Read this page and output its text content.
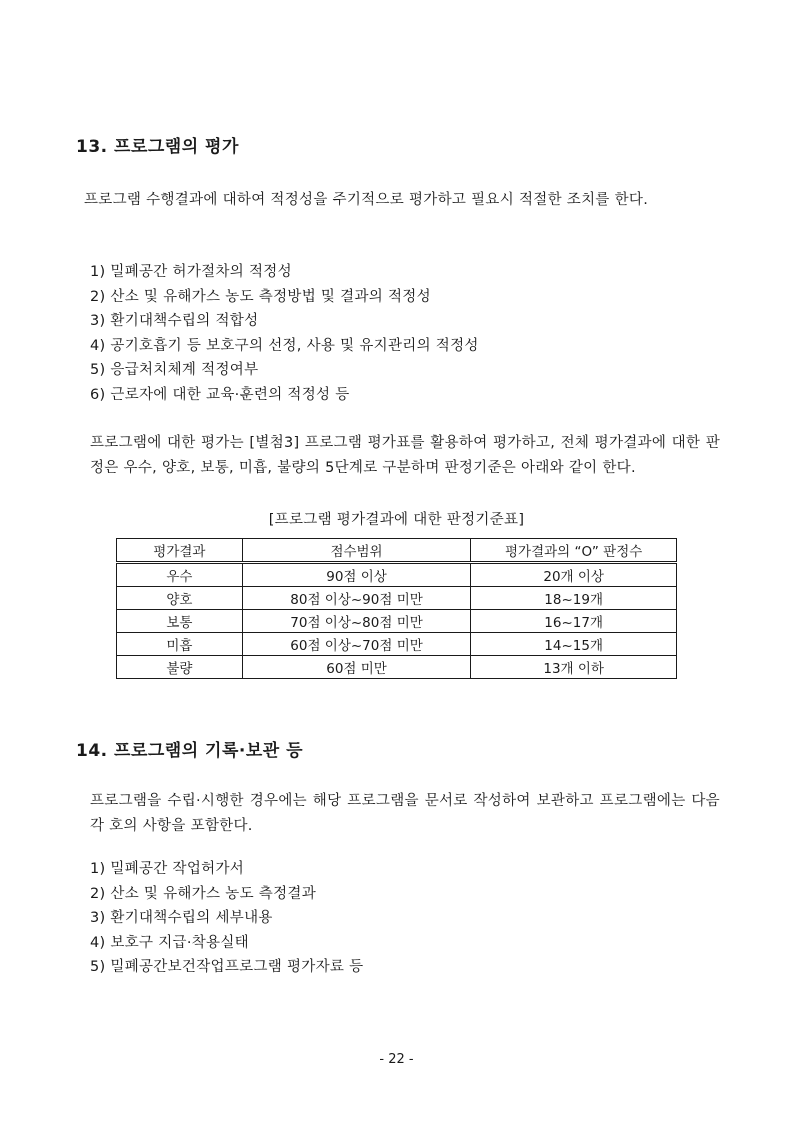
13. 프로그램의 평가

프로그램 수행결과에 대하여 적정성을 주기적으로 평가하고 필요시 적절한 조치를 한다.

1) 밀폐공간 허가절차의 적정성
2) 산소 및 유해가스 농도 측정방법 및 결과의 적정성
3) 환기대책수립의 적합성
4) 공기호흡기 등 보호구의 선정, 사용 및 유지관리의 적정성
5) 응급처치체계 적정여부
6) 근로자에 대한 교육·훈련의 적정성 등

프로그램에 대한 평가는 [별첨3] 프로그램 평가표를 활용하여 평가하고, 전체 평가결과에 대한 판정은 우수, 양호, 보통, 미흡, 불량의 5단계로 구분하며 판정기준은 아래와 같이 한다.

[프로그램 평가결과에 대한 판정기준표]

평가결과	점수범위	평가결과의 “O” 판정수
우수	90점 이상	20개 이상
양호	80점 이상~90점 미만	18~19개
보통	70점 이상~80점 미만	16~17개
미흡	60점 이상~70점 미만	14~15개
불량	60점 미만	13개 이하
14. 프로그램의 기록·보관 등

프로그램을 수립·시행한 경우에는 해당 프로그램을 문서로 작성하여 보관하고 프로그램에는 다음 각 호의 사항을 포함한다.

1) 밀폐공간 작업허가서
2) 산소 및 유해가스 농도 측정결과
3) 환기대책수립의 세부내용
4) 보호구 지급·착용실태
5) 밀폐공간보건작업프로그램 평가자료 등

- 22 -
